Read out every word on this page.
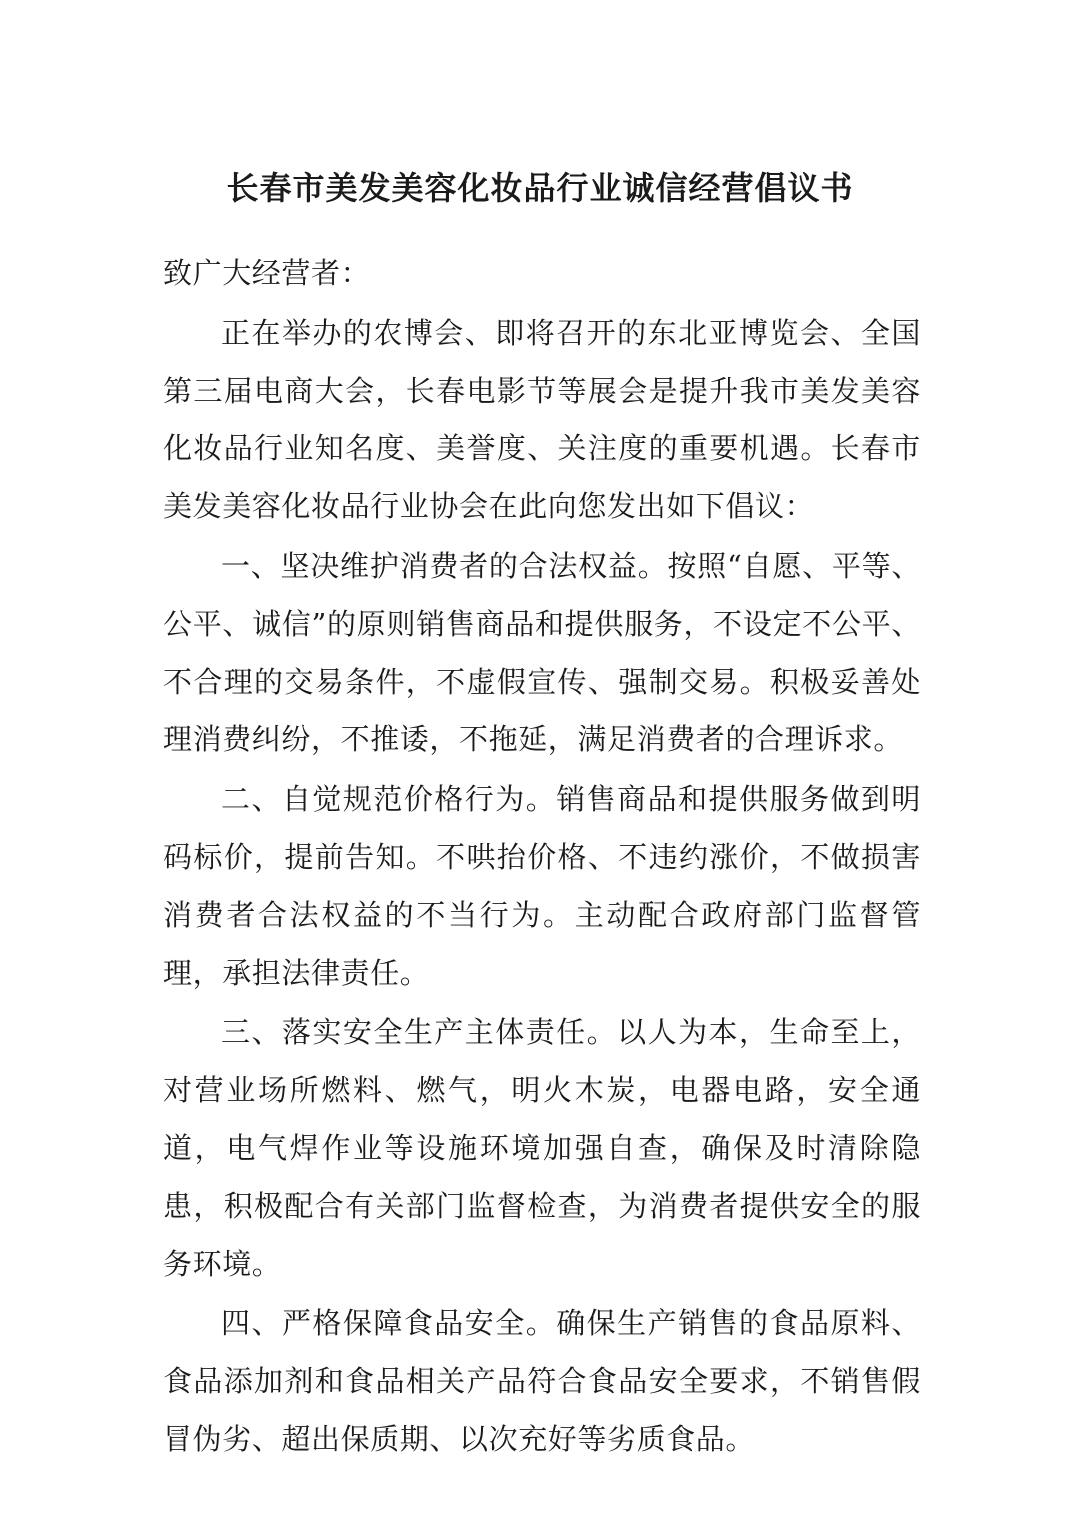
长春市美发美容化妆品行业诚信经营倡议书

致广大经营者：

正在举办的农博会、即将召开的东北亚博览会、全国第三届电商大会，长春电影节等展会是提升我市美发美容化妆品行业知名度、美誉度、关注度的重要机遇。长春市美发美容化妆品行业协会在此向您发出如下倡议：

一、坚决维护消费者的合法权益。按照“自愿、平等、公平、诚信”的原则销售商品和提供服务，不设定不公平、不合理的交易条件，不虚假宣传、强制交易。积极妥善处理消费纠纷，不推诿，不拖延，满足消费者的合理诉求。

二、自觉规范价格行为。销售商品和提供服务做到明码标价，提前告知。不哄抬价格、不违约涨价，不做损害消费者合法权益的不当行为。主动配合政府部门监督管理，承担法律责任。

三、落实安全生产主体责任。以人为本，生命至上，对营业场所燃料、燃气，明火木炭，电器电路，安全通道，电气焊作业等设施环境加强自查，确保及时清除隐患，积极配合有关部门监督检查，为消费者提供安全的服务环境。

四、严格保障食品安全。确保生产销售的食品原料、食品添加剂和食品相关产品符合食品安全要求，不销售假冒伪劣、超出保质期、以次充好等劣质食品。
